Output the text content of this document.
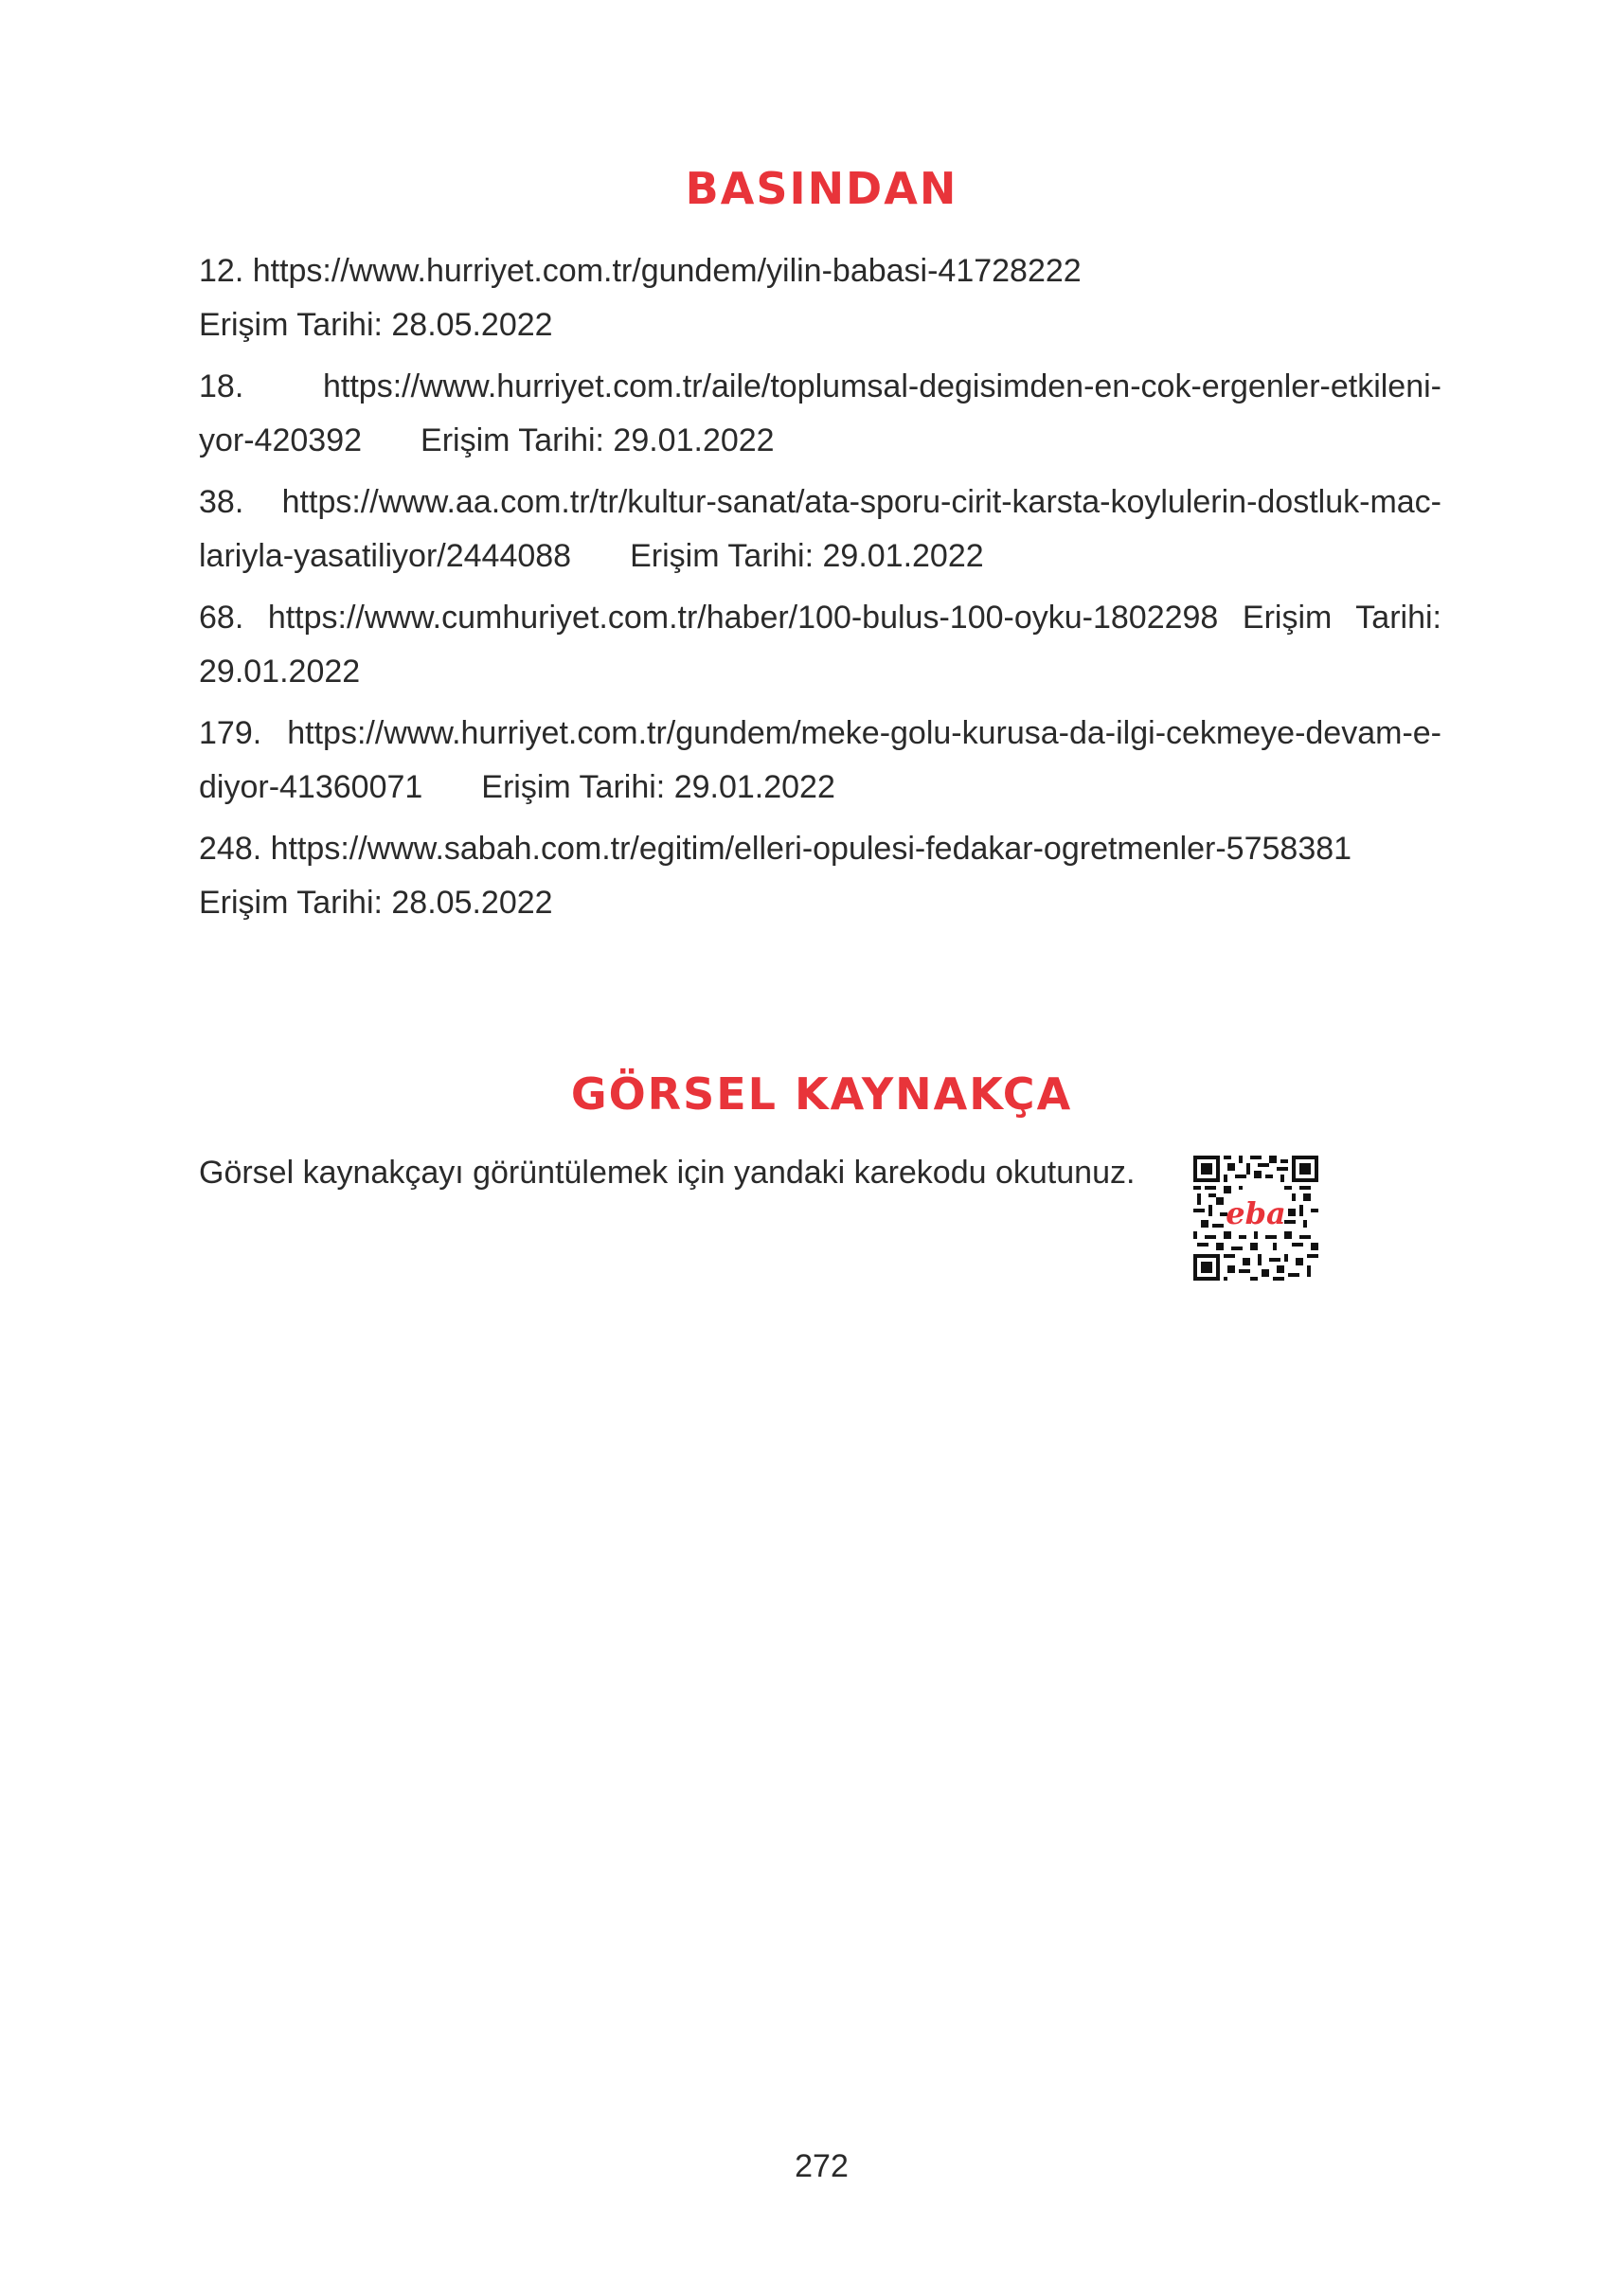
BASINDAN
12. https://www.hurriyet.com.tr/gundem/yilin-babasi-41728222
Erişim Tarihi: 28.05.2022
18. https://www.hurriyet.com.tr/aile/toplumsal-degisimden-en-cok-ergenler-etkileni-
yor-420392 Erişim Tarihi: 29.01.2022
38. https://www.aa.com.tr/tr/kultur-sanat/ata-sporu-cirit-karsta-koylulerin-dostluk-mac-
lariyla-yasatiliyor/2444088 Erişim Tarihi: 29.01.2022
68. https://www.cumhuriyet.com.tr/haber/100-bulus-100-oyku-1802298 Erişim Tarihi:
29.01.2022
179. https://www.hurriyet.com.tr/gundem/meke-golu-kurusa-da-ilgi-cekmeye-devam-e-
diyor-41360071 Erişim Tarihi: 29.01.2022
248. https://www.sabah.com.tr/egitim/elleri-opulesi-fedakar-ogretmenler-5758381
Erişim Tarihi: 28.05.2022
GÖRSEL KAYNAKÇA
Görsel kaynakçayı görüntülemek için yandaki karekodu okutunuz.
eba
272
